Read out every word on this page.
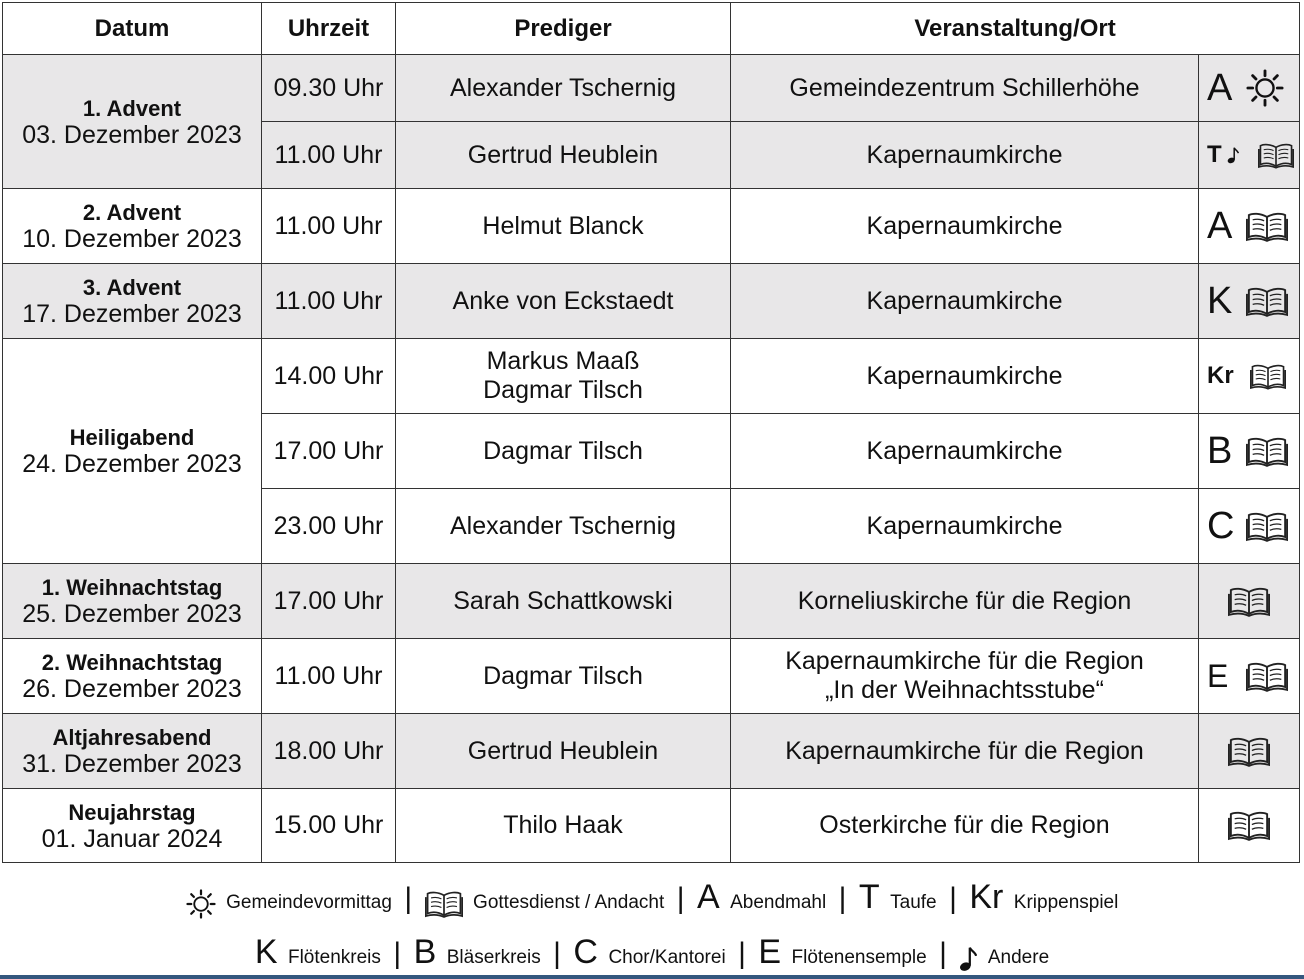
Datum	Uhrzeit	Prediger	Veranstaltung/Ort	

1. Advent
03. Dezember 2023	09.30 Uhr	Alexander Tschernig	Gemeindezentrum Schillerhöhe	A

	11.00 Uhr	Gertrud Heublein	Kapernaumkirche	T

2. Advent
10. Dezember 2023	11.00 Uhr	Helmut Blanck	Kapernaumkirche	A

3. Advent
17. Dezember 2023	11.00 Uhr	Anke von Eckstaedt	Kapernaumkirche	K

Heiligabend
24. Dezember 2023	14.00 Uhr	Markus Maaß
Dagmar Tilsch	Kapernaumkirche	Kr

	17.00 Uhr	Dagmar Tilsch	Kapernaumkirche	B

	23.00 Uhr	Alexander Tschernig	Kapernaumkirche	C

1. Weihnachtstag
25. Dezember 2023	17.00 Uhr	Sarah Schattkowski	Korneliuskirche für die Region	

2. Weihnachtstag
26. Dezember 2023	11.00 Uhr	Dagmar Tilsch	Kapernaumkirche für die Region
„In der Weihnachtsstube“	E

Altjahresabend
31. Dezember 2023	18.00 Uhr	Gertrud Heublein	Kapernaumkirche für die Region	

Neujahrstag
01. Januar 2024	15.00 Uhr	Thilo Haak	Osterkirche für die Region	
Gemeindevormittag |	Gottesdienst / Andacht | A Abendmahl | T Taufe | Kr Krippenspiel
K Flötenkreis | B Bläserkreis | C Chor/Kantorei | E Flötenensemple | Andere
